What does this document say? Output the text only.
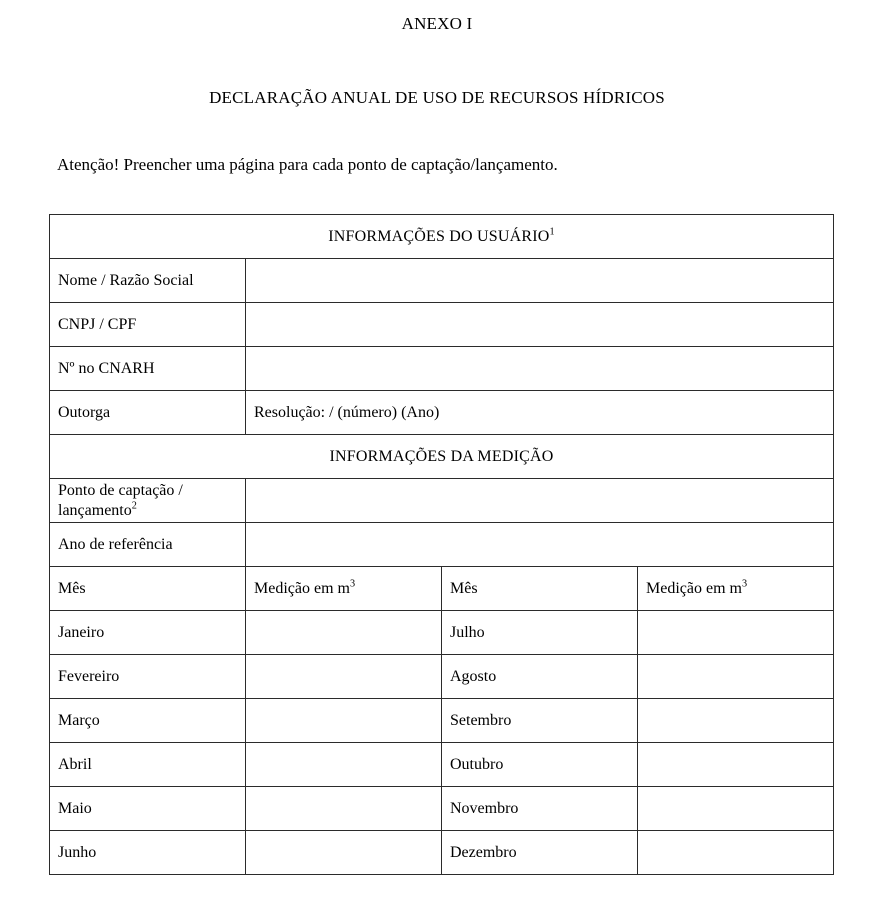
ANEXO I
DECLARAÇÃO ANUAL DE USO DE RECURSOS HÍDRICOS

Atenção! Preencher uma página para cada ponto de captação/lançamento.

INFORMAÇÕES DO USUÁRIO$^1$
Nome / Razão Social			
CNPJ / CPF			
Nº no CNARH			
Outorga	Resolução: / (número) (Ano)		
INFORMAÇÕES DA MEDIÇÃO			
Ponto de captação /
lançamento$^2$	
Ano de referência			
Mês	Medição em $m^3$	Mês	Medição em $m^3$
Janeiro		Julho	
Fevereiro		Agosto	
Março		Setembro	
Abril		Outubro	
Maio		Novembro	
Junho		Dezembro	
